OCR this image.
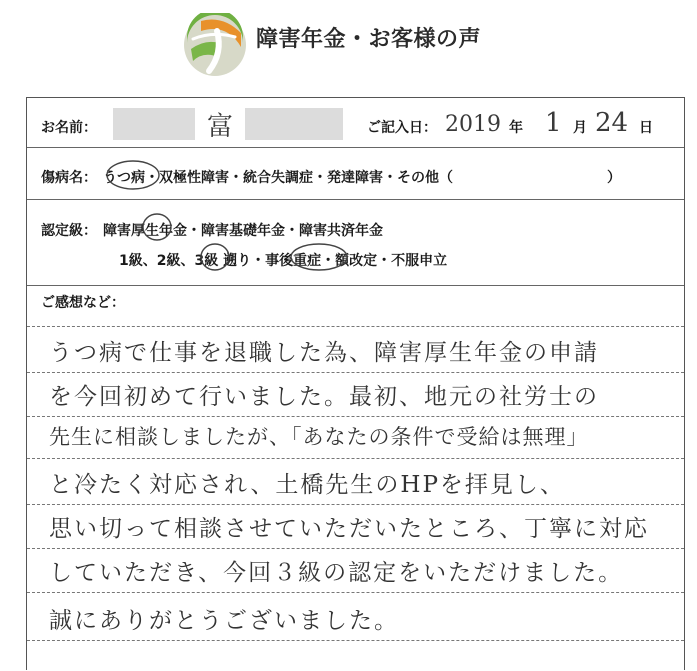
障害年金・お客様の声
お名前：	富	ご記入日： 2019 年 1 月 24 日
傷病名： うつ病・双極性障害・統合失調症・発達障害・その他（　　　　　　　　　　　）
認定級： 障害厚生年金・障害基礎年金・障害共済年金
1級、2級、3級 遡り・事後重症・額改定・不服申立
ご感想など：
うつ病で仕事を退職した為、障害厚生年金の申請
を今回初めて行いました。最初、地元の社労士の
先生に相談しましたが、「あなたの条件で受給は無理」
と冷たく対応され、土橋先生のHPを拝見し、
思い切って相談させていただいたところ、丁寧に対応
していただき、今回３級の認定をいただけました。
誠にありがとうございました。
